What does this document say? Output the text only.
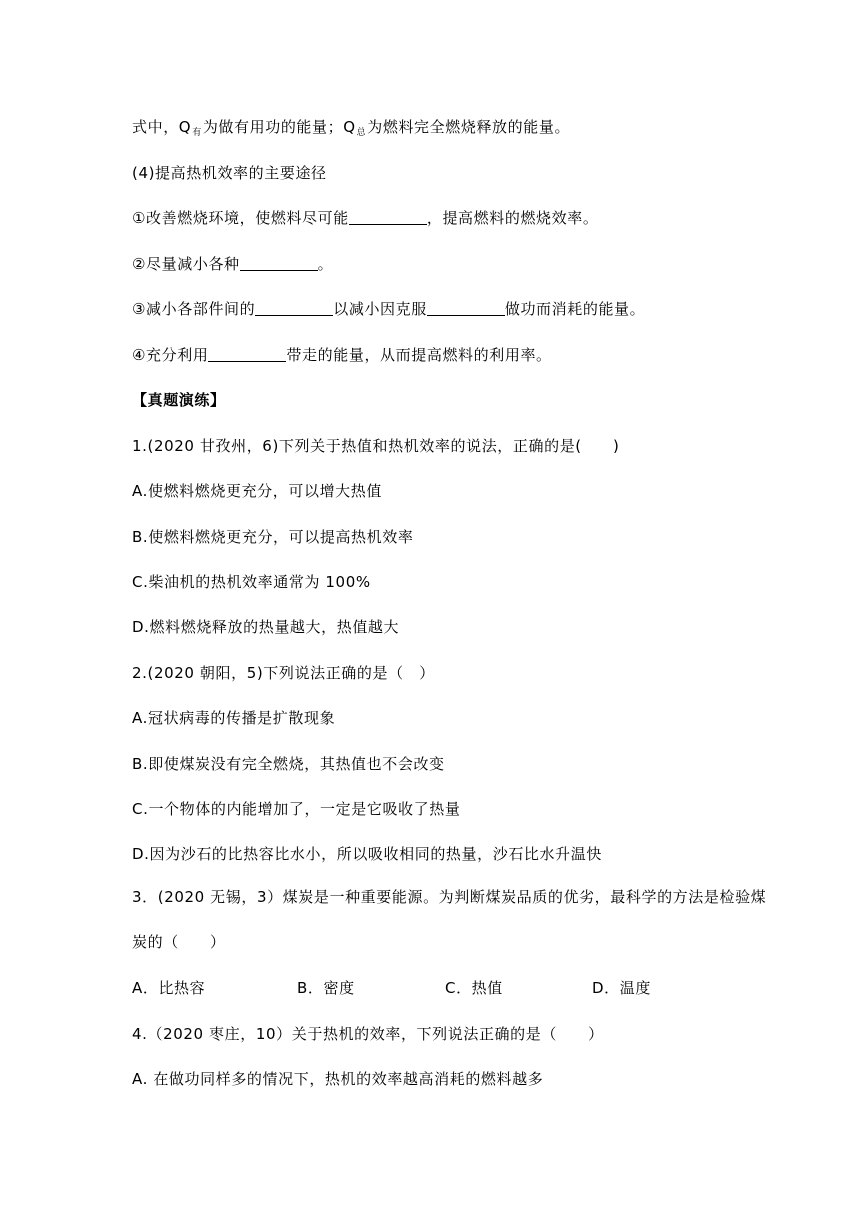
式中，$Q_有$为做有用功的能量；$Q_总$为燃料完全燃烧释放的能量。
(4)提高热机效率的主要途径
①改善燃烧环境，使燃料尽可能	，提高燃料的燃烧效率。
②尽量减小各种	。
③减小各部件间的	以减小因克服	做功而消耗的能量。
④充分利用	带走的能量，从而提高燃料的利用率。
【真题演练】
1.(2020 甘孜州，6)下列关于热值和热机效率的说法，正确的是(　　)
A.使燃料燃烧更充分，可以增大热值
B.使燃料燃烧更充分，可以提高热机效率
C.柴油机的热机效率通常为 100%
D.燃料燃烧释放的热量越大，热值越大
2.(2020 朝阳，5)下列说法正确的是（　）
A.冠状病毒的传播是扩散现象
B.即使煤炭没有完全燃烧，其热值也不会改变
C.一个物体的内能增加了，一定是它吸收了热量
D.因为沙石的比热容比水小，所以吸收相同的热量，沙石比水升温快
3．(2020 无锡，3）煤炭是一种重要能源。为判断煤炭品质的优劣，最科学的方法是检验煤
炭的（　　）
A．比热容	B．密度	C．热值	D．温度
4.（2020 枣庄，10）关于热机的效率，下列说法正确的是（　　）
A. 在做功同样多的情况下，热机的效率越高消耗的燃料越多
